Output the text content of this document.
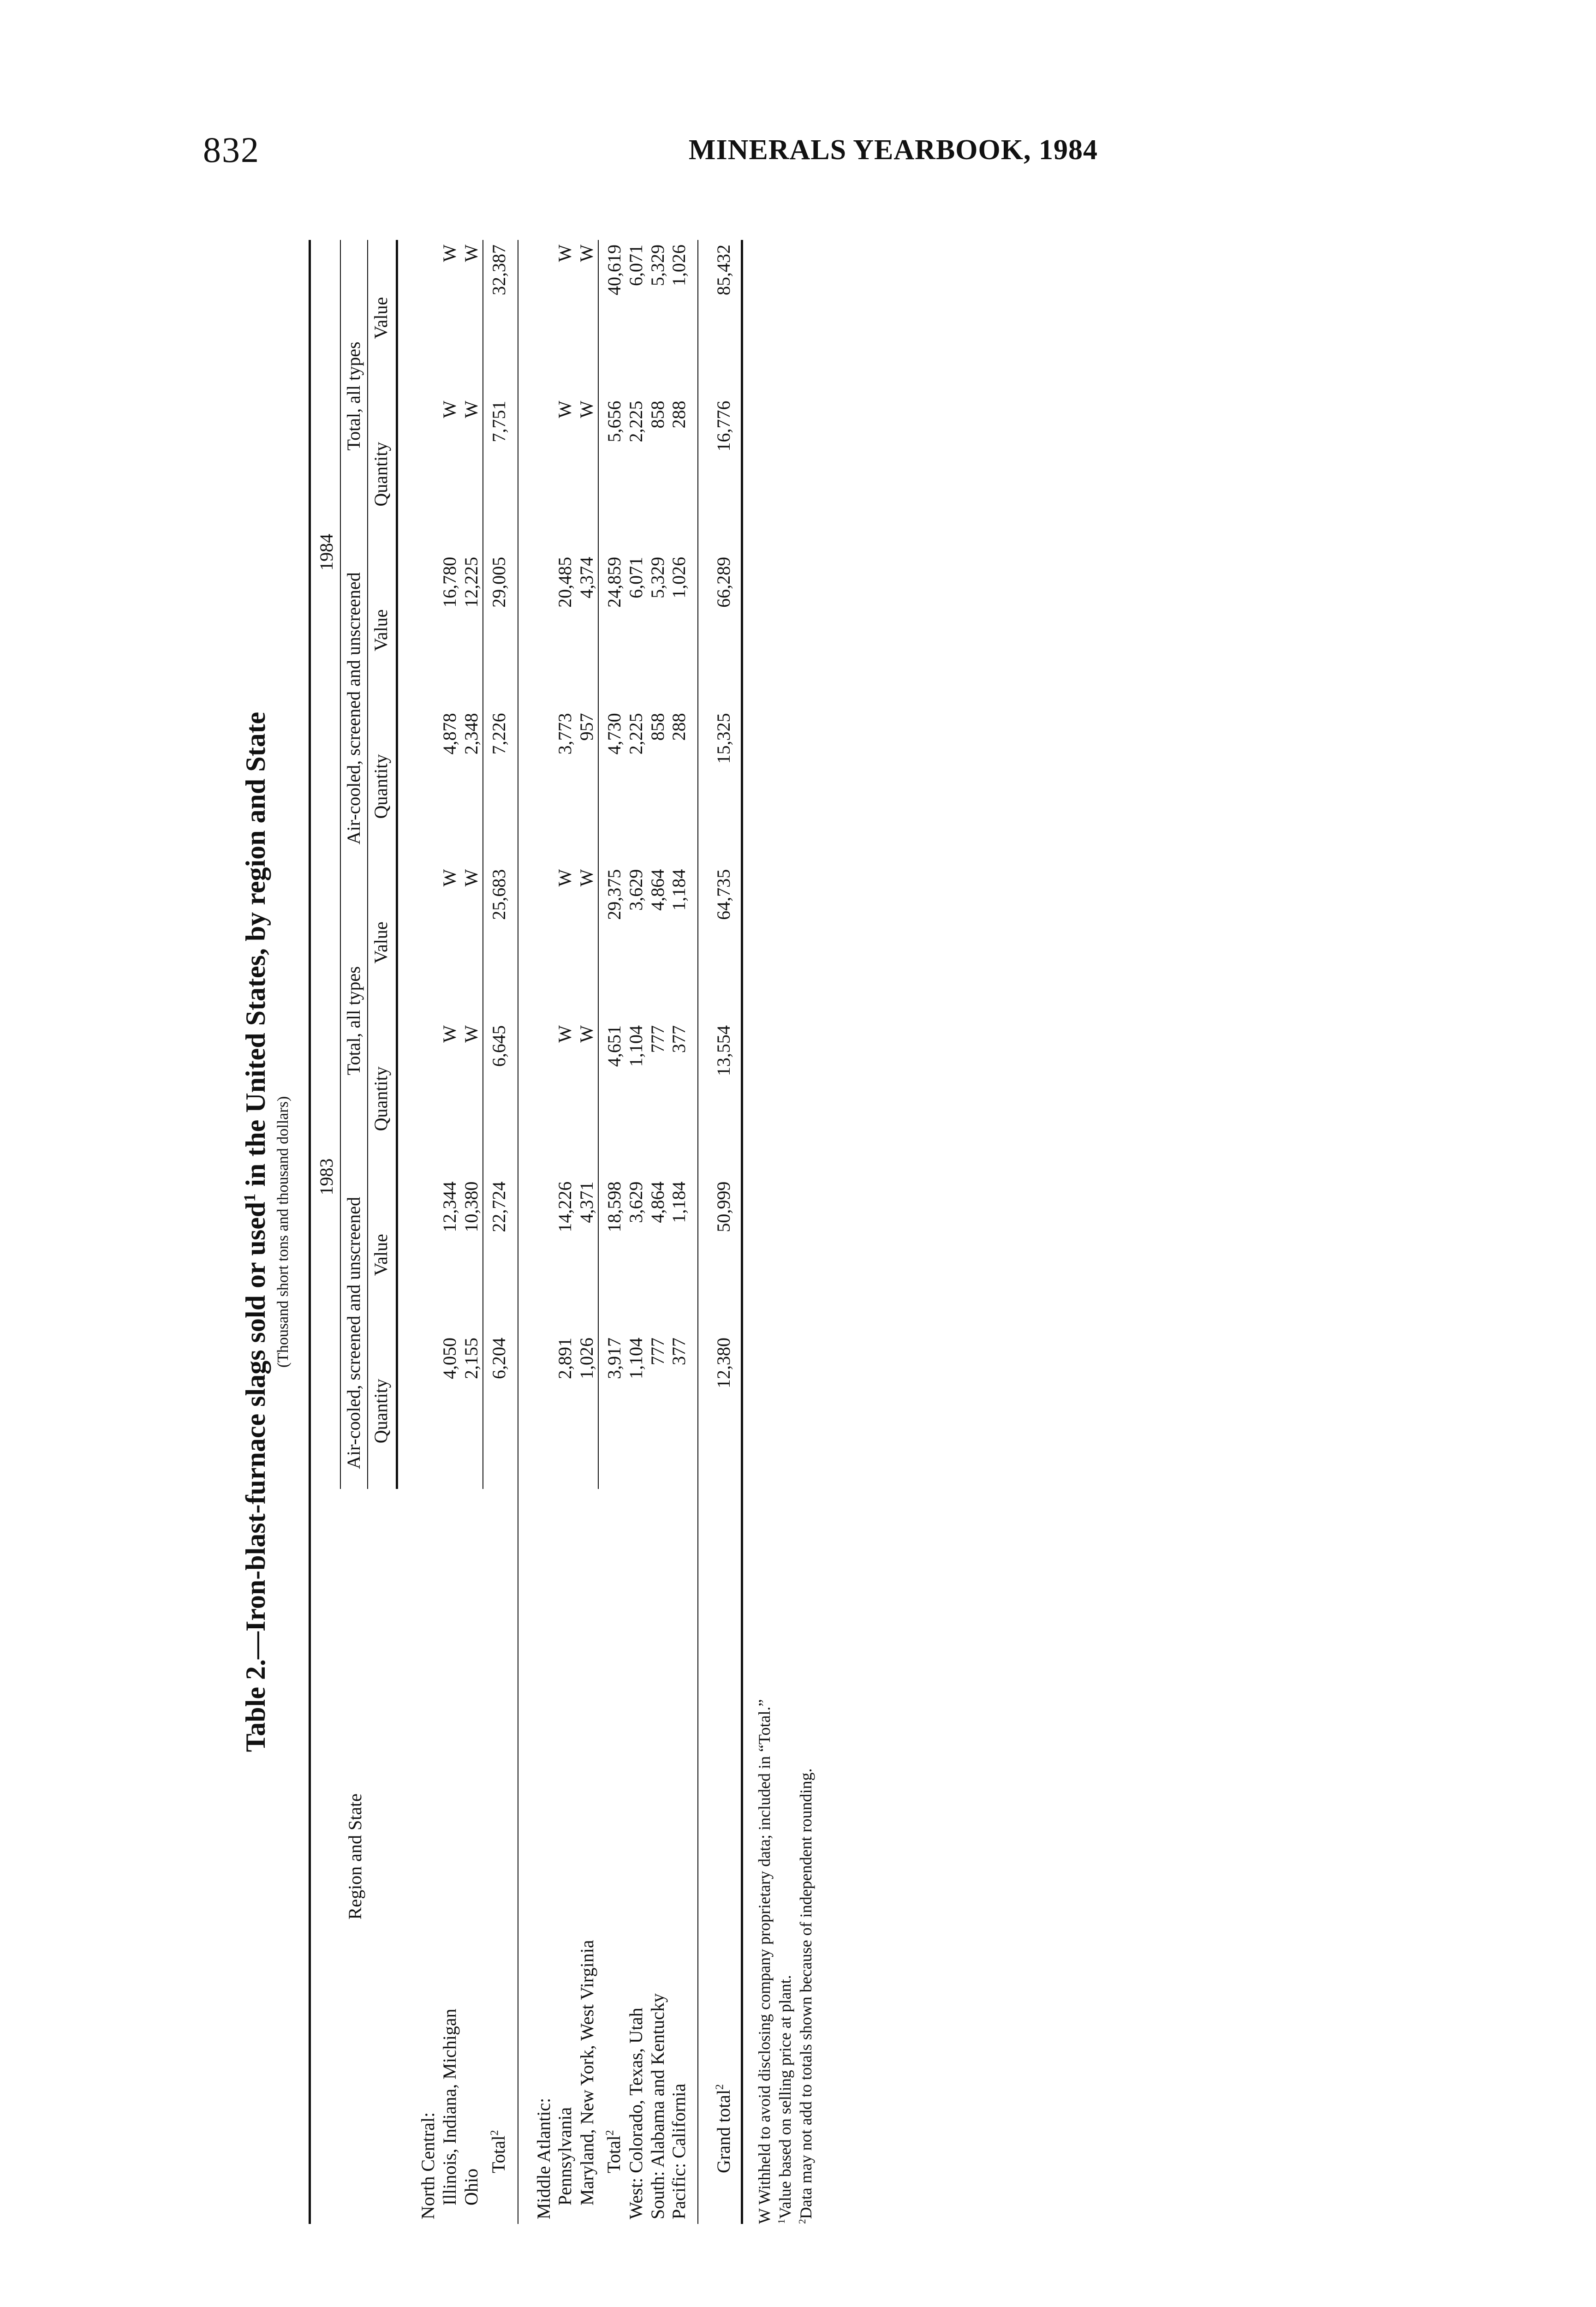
832	MINERALS YEARBOOK, 1984
Table 2.—Iron-blast-furnace slags sold or used$^1$ in the United States, by region and State
(Thousand short tons and thousand dollars)
Region and State	1983				1984			
	Air-cooled, screened and unscreened		Total, all types		Air-cooled, screened and unscreened		Total, all types	
	Quantity	Value	Quantity	Value	Quantity	Value	Quantity	Value

North Central:								
Illinois, Indiana, Michigan	4,050	12,344	W	W	4,878	16,780	W	W
Ohio	2,155	10,380	W	W	2,348	12,225	W	W
Total$^2$	6,204	22,724	6,645	25,683	7,226	29,005	7,751	32,387

Middle Atlantic:								
Pennsylvania	2,891	14,226	W	W	3,773	20,485	W	W
Maryland, New York, West Virginia	1,026	4,371	W	W	957	4,374	W	W
Total$^2$	3,917	18,598	4,651	29,375	4,730	24,859	5,656	40,619
West: Colorado, Texas, Utah	1,104	3,629	1,104	3,629	2,225	6,071	2,225	6,071
South: Alabama and Kentucky	777	4,864	777	4,864	858	5,329	858	5,329
Pacific: California	377	1,184	377	1,184	288	1,026	288	1,026

Grand total$^2$	12,380	50,999	13,554	64,735	15,325	66,289	16,776	85,432
W Withheld to avoid disclosing company proprietary data; included in “Total.” $^1$Value based on selling price at plant.
$^2$Data may not add to totals shown because of independent rounding.
